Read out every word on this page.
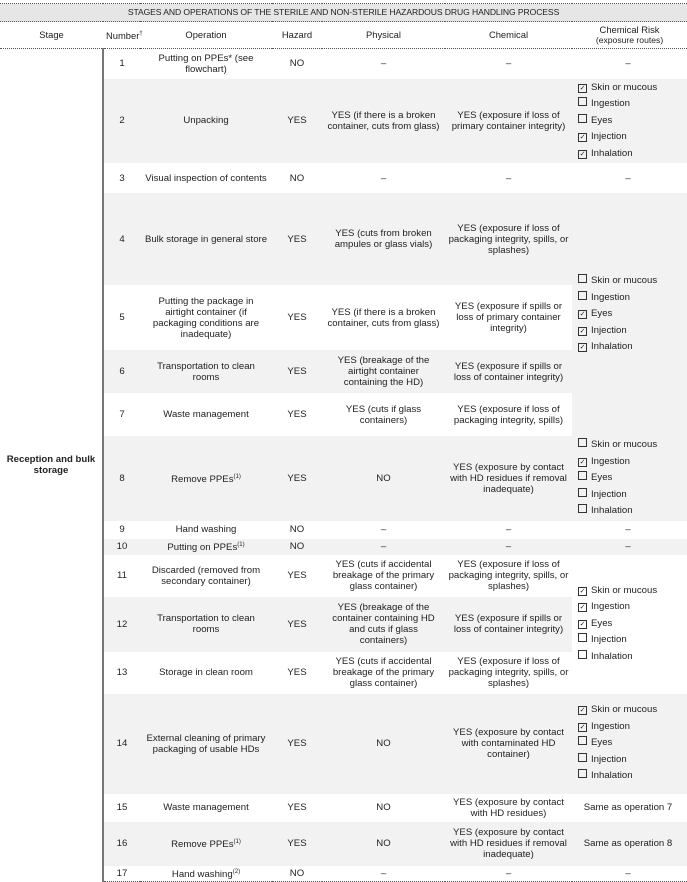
STAGES AND OPERATIONS OF THE STERILE AND NON-STERILE HAZARDOUS DRUG HANDLING PROCESS						
Stage	Number†	Operation	Hazard	Physical	Chemical	Chemical Risk
(exposure routes)
Reception and bulk storage	1	Putting on PPEs* (see flowchart)	NO	–	–	–
	2	Unpacking	YES	YES (if there is a broken container, cuts from glass)	YES (exposure if loss of primary container integrity)	✓ Skin or mucous
Ingestion
Eyes
✓ Injection
✓ Inhalation

	3	Visual inspection of contents	NO	–	–	–
	4	Bulk storage in general store	YES	YES (cuts from broken ampules or glass vials)	YES (exposure if loss of packaging integrity, spills, or splashes)	Skin or mucous
Ingestion
✓ Eyes
✓ Injection
✓ Inhalation

	5	Putting the package in airtight container (if packaging conditions are inadequate)	YES	YES (if there is a broken container, cuts from glass)	YES (exposure if spills or loss of primary container integrity)	
	6	Transportation to clean rooms	YES	YES (breakage of the airtight container containing the HD)	YES (exposure if spills or loss of container integrity)	
	7	Waste management	YES	YES (cuts if glass containers)	YES (exposure if loss of packaging integrity, spills)	
	8	Remove PPEs$^{(1)}$	YES	NO	YES (exposure by contact with HD residues if removal inadequate)	Skin or mucous
✓ Ingestion
Eyes
Injection
Inhalation

	9	Hand washing	NO	–	–	–
	10	Putting on PPEs$^{(1)}$	NO	–	–	–
	11	Discarded (removed from secondary container)	YES	YES (cuts if accidental breakage of the primary glass container)	YES (exposure if loss of packaging integrity, spills, or splashes)	✓ Skin or mucous
✓ Ingestion
✓ Eyes
Injection
Inhalation

	12	Transportation to clean rooms	YES	YES (breakage of the container containing HD and cuts if glass containers)	YES (exposure if spills or loss of container integrity)	
	13	Storage in clean room	YES	YES (cuts if accidental breakage of the primary glass container)	YES (exposure if loss of packaging integrity, spills, or splashes)	
	14	External cleaning of primary packaging of usable HDs	YES	NO	YES (exposure by contact with contaminated HD container)	✓ Skin or mucous
✓ Ingestion
Eyes
Injection
Inhalation

	15	Waste management	YES	NO	YES (exposure by contact with HD residues)	Same as operation 7
	16	Remove PPEs$^{(1)}$	YES	NO	YES (exposure by contact with HD residues if removal inadequate)	Same as operation 8
	17	Hand washing$^{(2)}$	NO	–	–	–
